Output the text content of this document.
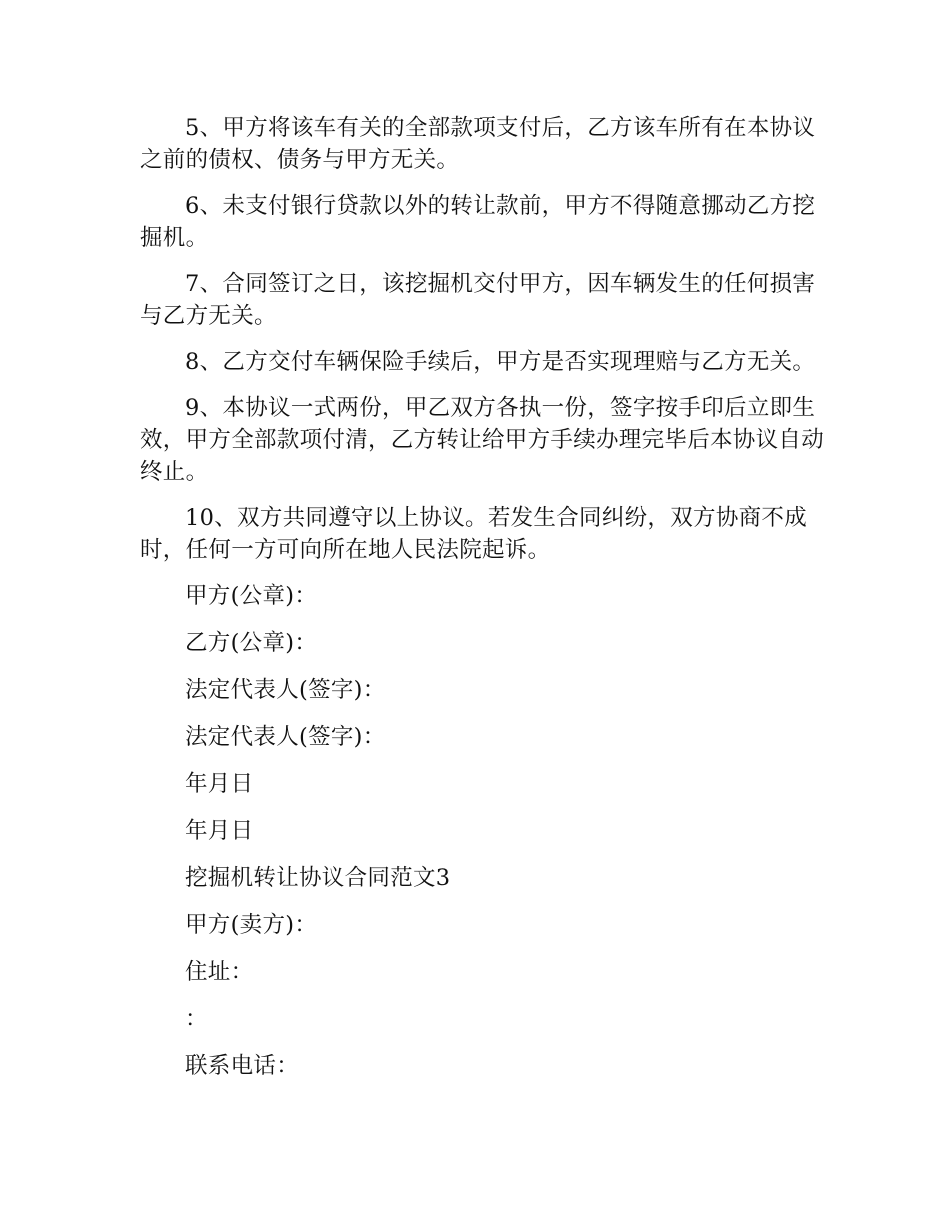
5、甲方将该车有关的全部款项支付后，乙方该车所有在本协议之前的债权、债务与甲方无关。

6、未支付银行贷款以外的转让款前，甲方不得随意挪动乙方挖掘机。

7、合同签订之日，该挖掘机交付甲方，因车辆发生的任何损害与乙方无关。

8、乙方交付车辆保险手续后，甲方是否实现理赔与乙方无关。

9、本协议一式两份，甲乙双方各执一份，签字按手印后立即生效，甲方全部款项付清，乙方转让给甲方手续办理完毕后本协议自动终止。

10、双方共同遵守以上协议。若发生合同纠纷，双方协商不成时，任何一方可向所在地人民法院起诉。

甲方(公章)：
乙方(公章)：
法定代表人(签字)：
法定代表人(签字)：
年月日
年月日
挖掘机转让协议合同范文3
甲方(卖方)：
住址：
：
联系电话：
